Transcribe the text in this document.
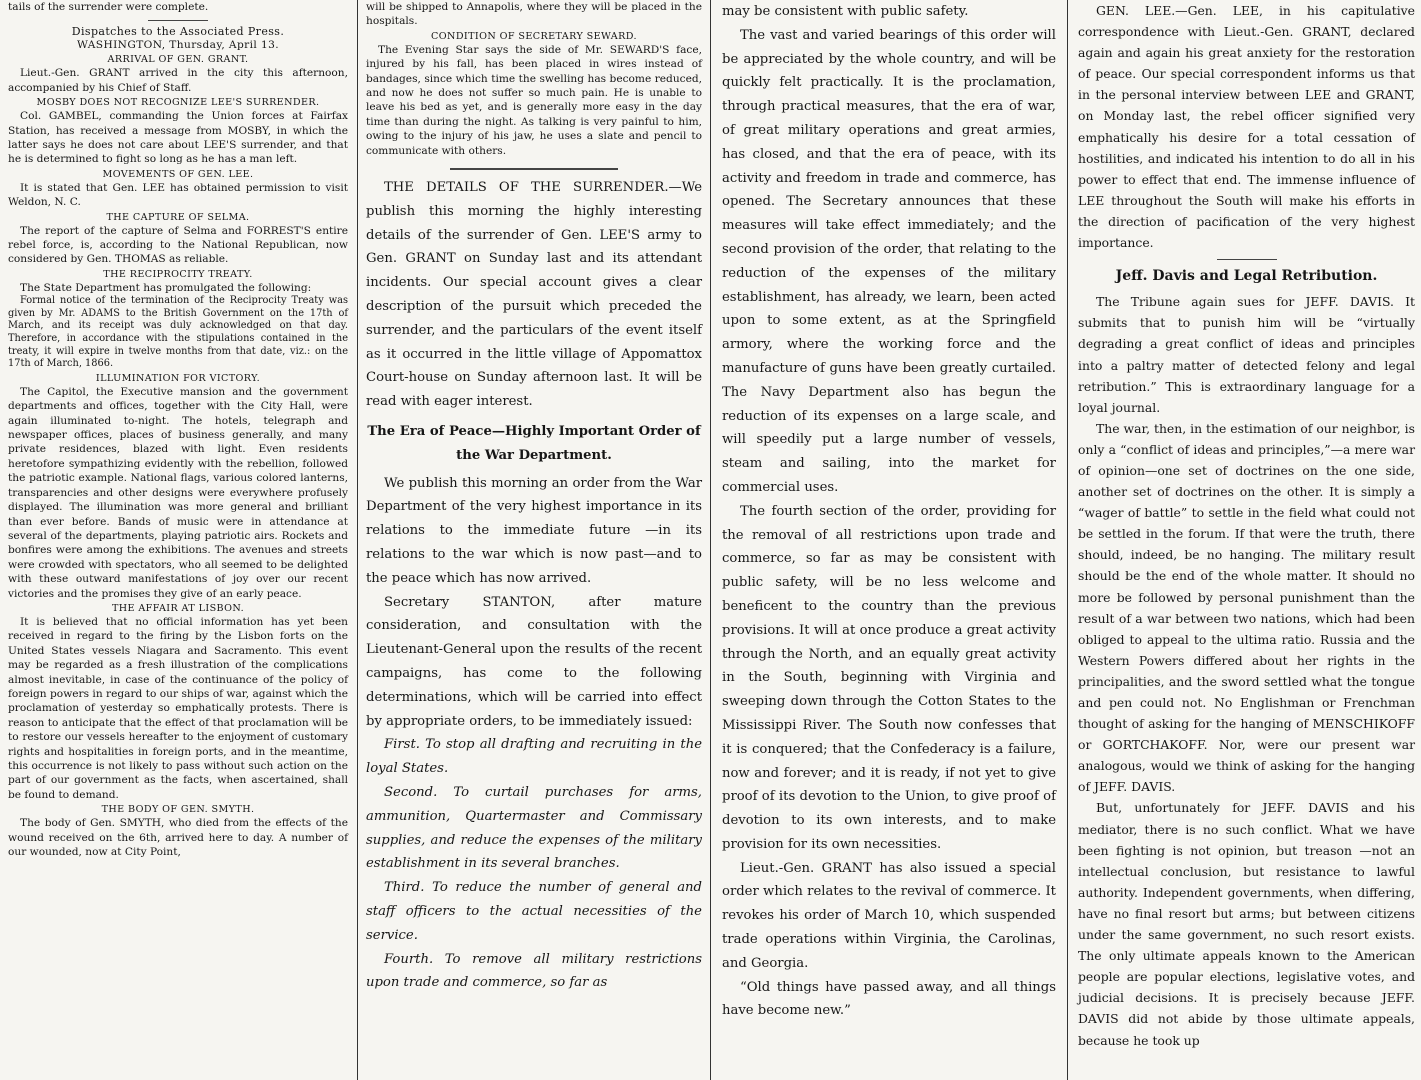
tails of the surrender were complete.

Dispatches to the Associated Press.

WASHINGTON, Thursday, April 13.

ARRIVAL OF GEN. GRANT.

Lieut.-Gen. GRANT arrived in the city this afternoon, accompanied by his Chief of Staff.

MOSBY DOES NOT RECOGNIZE LEE'S SURRENDER.

Col. GAMBEL, commanding the Union forces at Fairfax Station, has received a message from MOSBY, in which the latter says he does not care about LEE'S surrender, and that he is determined to fight so long as he has a man left.

MOVEMENTS OF GEN. LEE.

It is stated that Gen. LEE has obtained permission to visit Weldon, N. C.

THE CAPTURE OF SELMA.

The report of the capture of Selma and FORREST'S entire rebel force, is, according to the National Republican, now considered by Gen. THOMAS as reliable.

THE RECIPROCITY TREATY.

The State Department has promulgated the following:

Formal notice of the termination of the Reciprocity Treaty was given by Mr. ADAMS to the British Government on the 17th of March, and its receipt was duly acknowledged on that day. Therefore, in accordance with the stipulations contained in the treaty, it will expire in twelve months from that date, viz.: on the 17th of March, 1866.

ILLUMINATION FOR VICTORY.

The Capitol, the Executive mansion and the government departments and offices, together with the City Hall, were again illuminated to-night. The hotels, telegraph and newspaper offices, places of business generally, and many private residences, blazed with light. Even residents heretofore sympathizing evidently with the rebellion, followed the patriotic example. National flags, various colored lanterns, transparencies and other designs were everywhere profusely displayed. The illumination was more general and brilliant than ever before. Bands of music were in attendance at several of the departments, playing patriotic airs. Rockets and bonfires were among the exhibitions. The avenues and streets were crowded with spectators, who all seemed to be delighted with these outward manifestations of joy over our recent victories and the promises they give of an early peace.

THE AFFAIR AT LISBON.

It is believed that no official information has yet been received in regard to the firing by the Lisbon forts on the United States vessels Niagara and Sacramento. This event may be regarded as a fresh illustration of the complications almost inevitable, in case of the continuance of the policy of foreign powers in regard to our ships of war, against which the proclamation of yesterday so emphatically protests. There is reason to anticipate that the effect of that proclamation will be to restore our vessels hereafter to the enjoyment of customary rights and hospitalities in foreign ports, and in the meantime, this occurrence is not likely to pass without such action on the part of our government as the facts, when ascertained, shall be found to demand.

THE BODY OF GEN. SMYTH.

The body of Gen. SMYTH, who died from the effects of the wound received on the 6th, arrived here to day. A number of our wounded, now at City Point,

will be shipped to Annapolis, where they will be placed in the hospitals.

CONDITION OF SECRETARY SEWARD.

The Evening Star says the side of Mr. SEWARD'S face, injured by his fall, has been placed in wires instead of bandages, since which time the swelling has become reduced, and now he does not suffer so much pain. He is unable to leave his bed as yet, and is generally more easy in the day time than during the night. As talking is very painful to him, owing to the injury of his jaw, he uses a slate and pencil to communicate with others.

THE DETAILS OF THE SURRENDER.—We publish this morning the highly interesting details of the surrender of Gen. LEE'S army to Gen. GRANT on Sunday last and its attendant incidents. Our special account gives a clear description of the pursuit which preceded the surrender, and the particulars of the event itself as it occurred in the little village of Appomattox Court-house on Sunday afternoon last. It will be read with eager interest.

The Era of Peace—Highly Important Order of the War Department.

We publish this morning an order from the War Department of the very highest importance in its relations to the immediate future —in its relations to the war which is now past—and to the peace which has now arrived.

Secretary STANTON, after mature consideration, and consultation with the Lieutenant-General upon the results of the recent campaigns, has come to the following determinations, which will be carried into effect by appropriate orders, to be immediately issued:

First. To stop all drafting and recruiting in the loyal States.

Second. To curtail purchases for arms, ammunition, Quartermaster and Commissary supplies, and reduce the expenses of the military establishment in its several branches.

Third. To reduce the number of general and staff officers to the actual necessities of the service.

Fourth. To remove all military restrictions upon trade and commerce, so far as

may be consistent with public safety.

The vast and varied bearings of this order will be appreciated by the whole country, and will be quickly felt practically. It is the proclamation, through practical measures, that the era of war, of great military operations and great armies, has closed, and that the era of peace, with its activity and freedom in trade and commerce, has opened. The Secretary announces that these measures will take effect immediately; and the second provision of the order, that relating to the reduction of the expenses of the military establishment, has already, we learn, been acted upon to some extent, as at the Springfield armory, where the working force and the manufacture of guns have been greatly curtailed. The Navy Department also has begun the reduction of its expenses on a large scale, and will speedily put a large number of vessels, steam and sailing, into the market for commercial uses.

The fourth section of the order, providing for the removal of all restrictions upon trade and commerce, so far as may be consistent with public safety, will be no less welcome and beneficent to the country than the previous provisions. It will at once produce a great activity through the North, and an equally great activity in the South, beginning with Virginia and sweeping down through the Cotton States to the Mississippi River. The South now confesses that it is conquered; that the Confederacy is a failure, now and forever; and it is ready, if not yet to give proof of its devotion to the Union, to give proof of devotion to its own interests, and to make provision for its own necessities.

Lieut.-Gen. GRANT has also issued a special order which relates to the revival of commerce. It revokes his order of March 10, which suspended trade operations within Virginia, the Carolinas, and Georgia.

“Old things have passed away, and all things have become new.”

GEN. LEE.—Gen. LEE, in his capitulative correspondence with Lieut.-Gen. GRANT, declared again and again his great anxiety for the restoration of peace. Our special correspondent informs us that in the personal interview between LEE and GRANT, on Monday last, the rebel officer signified very emphatically his desire for a total cessation of hostilities, and indicated his intention to do all in his power to effect that end. The immense influence of LEE throughout the South will make his efforts in the direction of pacification of the very highest importance.

Jeff. Davis and Legal Retribution.

The Tribune again sues for JEFF. DAVIS. It submits that to punish him will be “virtually degrading a great conflict of ideas and principles into a paltry matter of detected felony and legal retribution.” This is extraordinary language for a loyal journal.

The war, then, in the estimation of our neighbor, is only a “conflict of ideas and principles,”—a mere war of opinion—one set of doctrines on the one side, another set of doctrines on the other. It is simply a “wager of battle” to settle in the field what could not be settled in the forum. If that were the truth, there should, indeed, be no hanging. The military result should be the end of the whole matter. It should no more be followed by personal punishment than the result of a war between two nations, which had been obliged to appeal to the ultima ratio. Russia and the Western Powers differed about her rights in the principalities, and the sword settled what the tongue and pen could not. No Englishman or Frenchman thought of asking for the hanging of MENSCHIKOFF or GORTCHAKOFF. Nor, were our present war analogous, would we think of asking for the hanging of JEFF. DAVIS.

But, unfortunately for JEFF. DAVIS and his mediator, there is no such conflict. What we have been fighting is not opinion, but treason —not an intellectual conclusion, but resistance to lawful authority. Independent governments, when differing, have no final resort but arms; but between citizens under the same government, no such resort exists. The only ultimate appeals known to the American people are popular elections, legislative votes, and judicial decisions. It is precisely because JEFF. DAVIS did not abide by those ultimate appeals, because he took up
